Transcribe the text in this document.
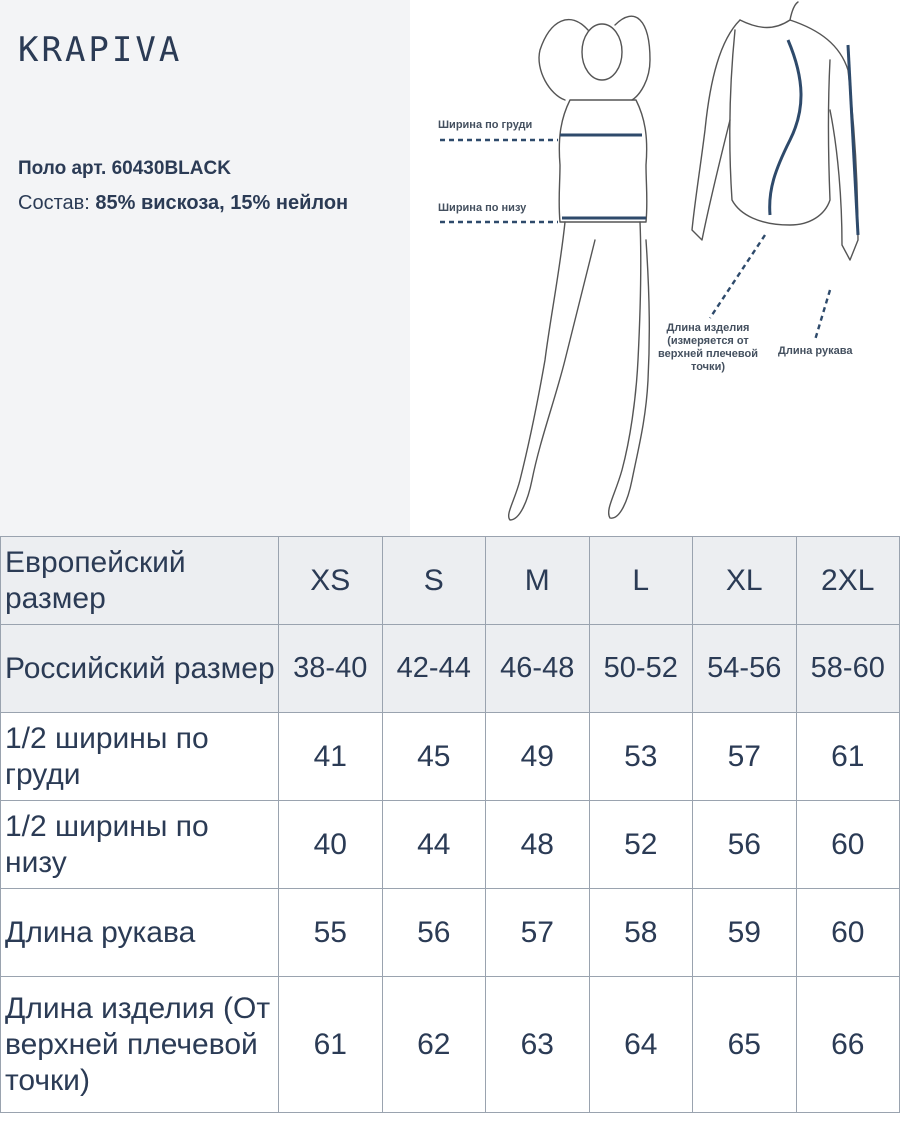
KRAPIVA
Поло арт. 60430BLACK
Состав: 85% вискоза, 15% нейлон
Ширина по груди
Ширина по низу
Длина изделия
(измеряется от
верхней плечевой
точки)
Длина рукава
Европейский размер	XS	S	M	L	XL	2XL
Российский размер	38-40	42-44	46-48	50-52	54-56	58-60
1/2 ширины по груди	41	45	49	53	57	61
1/2 ширины по низу	40	44	48	52	56	60
Длина рукава	55	56	57	58	59	60
Длина изделия (От верхней плечевой точки)	61	62	63	64	65	66
